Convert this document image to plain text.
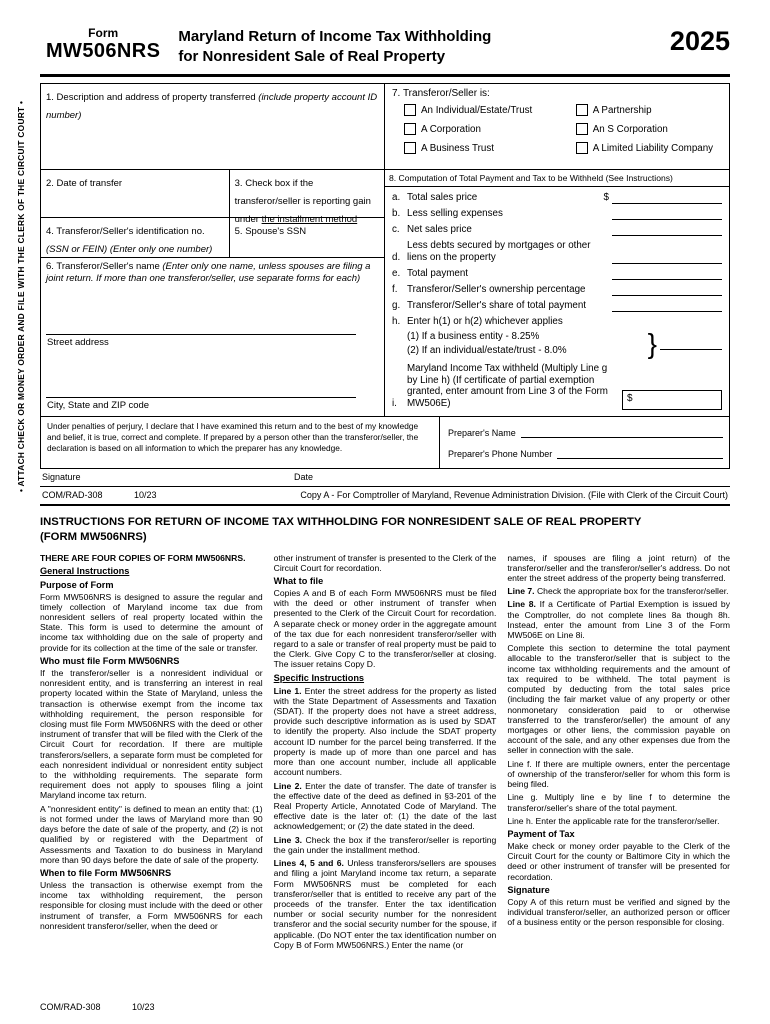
• ATTACH CHECK OR MONEY ORDER AND FILE WITH THE CLERK OF THE CIRCUIT COURT •
Form
MW506NRS
Maryland Return of Income Tax Withholding
for Nonresident Sale of Real Property	2025
1. Description and address of property transferred (include property account ID number)
2. Date of transfer	3. Check box if the transferor/seller is reporting gain under the installment method
4. Transferor/Seller's identification no. (SSN or FEIN) (Enter only one number)
5. Spouse's SSN
6. Transferor/Seller's name (Enter only one name, unless spouses are filing a joint return. If more than one transferor/seller, use separate forms for each)
Street address
City, State and ZIP code
7. Transferor/Seller is:
An Individual/Estate/Trust	A Partnership
A Corporation	An S Corporation
A Business Trust	A Limited Liability Company
8. Computation of Total Payment and Tax to be Withheld (See Instructions)
a. Total sales price	$
b. Less selling expenses
c. Net sales price
d.
Less debts secured by mortgages or other liens on the property
e. Total payment
f. Transferor/Seller's ownership percentage
g. Transferor/Seller's share of total payment
h. Enter h(1) or h(2) whichever applies
(1) If a business entity - 8.25%
(2) If an individual/estate/trust - 8.0%	}
i.
Maryland Income Tax withheld (Multiply Line g by Line h) (If certificate of partial exemption granted, enter amount from Line 3 of the Form MW506E)	$
Under penalties of perjury, I declare that I have examined this return and to the best of my knowledge and belief, it is true, correct and complete. If prepared by a person other than the transferor/seller, the declaration is based on all information to which the preparer has any knowledge.
Preparer's Name
Preparer's Phone Number
Signature	Date
COM/RAD-308	10/23	Copy A - For Comptroller of Maryland, Revenue Administration Division. (File with Clerk of the Circuit Court)
INSTRUCTIONS FOR RETURN OF INCOME TAX WITHHOLDING FOR NONRESIDENT SALE OF REAL PROPERTY
(FORM MW506NRS)

THERE ARE FOUR COPIES OF FORM MW506NRS.

General Instructions

Purpose of Form

Form MW506NRS is designed to assure the regular and timely collection of Maryland income tax due from nonresident sellers of real property located within the State. This form is used to determine the amount of income tax withholding due on the sale of property and provide for its collection at the time of the sale or transfer.

Who must file Form MW506NRS

If the transferor/seller is a nonresident individual or nonresident entity, and is transferring an interest in real property located within the State of Maryland, unless the transaction is otherwise exempt from the income tax withholding requirement, the person responsible for closing must file Form MW506NRS with the deed or other instrument of transfer that will be filed with the Clerk of the Circuit Court for recordation. If there are multiple transferors/sellers, a separate form must be completed for each nonresident individual or nonresident entity subject to the withholding requirements. The separate form requirement does not apply to spouses filing a joint Maryland income tax return.

A "nonresident entity" is defined to mean an entity that: (1) is not formed under the laws of Maryland more than 90 days before the date of sale of the property, and (2) is not qualified by or registered with the Department of Assessments and Taxation to do business in Maryland more than 90 days before the date of sale of the property.

When to file Form MW506NRS

Unless the transaction is otherwise exempt from the income tax withholding requirement, the person responsible for closing must include with the deed or other instrument of transfer, a Form MW506NRS for each nonresident transferor/seller, when the deed or

other instrument of transfer is presented to the Clerk of the Circuit Court for recordation.

What to file

Copies A and B of each Form MW506NRS must be filed with the deed or other instrument of transfer when presented to the Clerk of the Circuit Court for recordation. A separate check or money order in the aggregate amount of the tax due for each nonresident transferor/seller with regard to a sale or transfer of real property must be paid to the Clerk. Give Copy C to the transferor/seller at closing. The issuer retains Copy D.

Specific Instructions

Line 1. Enter the street address for the property as listed with the State Department of Assessments and Taxation (SDAT). If the property does not have a street address, provide such descriptive information as is used by SDAT to identify the property. Also include the SDAT property account ID number for the parcel being transferred. If the property is made up of more than one parcel and has more than one account number, include all applicable account numbers.

Line 2. Enter the date of transfer. The date of transfer is the effective date of the deed as defined in §3-201 of the Real Property Article, Annotated Code of Maryland. The effective date is the later of: (1) the date of the last acknowledgement; or (2) the date stated in the deed.

Line 3. Check the box if the transferor/seller is reporting the gain under the installment method.

Lines 4, 5 and 6. Unless transferors/sellers are spouses and filing a joint Maryland income tax return, a separate Form MW506NRS must be completed for each transferor/seller that is entitled to receive any part of the proceeds of the transfer. Enter the tax identification number or social security number for the nonresident transferor and the social security number for the spouse, if applicable. (Do NOT enter the tax identification number on Copy B of Form MW506NRS.) Enter the name (or

names, if spouses are filing a joint return) of the transferor/seller and the transferor/seller's address. Do not enter the street address of the property being transferred.

Line 7. Check the appropriate box for the transferor/seller.

Line 8. If a Certificate of Partial Exemption is issued by the Comptroller, do not complete lines 8a though 8h. Instead, enter the amount from Line 3 of the Form MW506E on Line 8i.

Complete this section to determine the total payment allocable to the transferor/seller that is subject to the income tax withholding requirements and the amount of tax required to be withheld. The total payment is computed by deducting from the total sales price (including the fair market value of any property or other nonmonetary consideration paid to or otherwise transferred to the transferor/seller) the amount of any mortgages or other liens, the commission payable on account of the sale, and any other expenses due from the seller in connection with the sale.

Line f. If there are multiple owners, enter the percentage of ownership of the transferor/seller for whom this form is being filed.

Line g. Multiply line e by line f to determine the transferor/seller's share of the total payment.

Line h. Enter the applicable rate for the transferor/seller.

Payment of Tax

Make check or money order payable to the Clerk of the Circuit Court for the county or Baltimore City in which the deed or other instrument of transfer will be presented for recordation.

Signature

Copy A of this return must be verified and signed by the individual transferor/seller, an authorized person or officer of a business entity or the person responsible for closing.

COM/RAD-308	10/23
